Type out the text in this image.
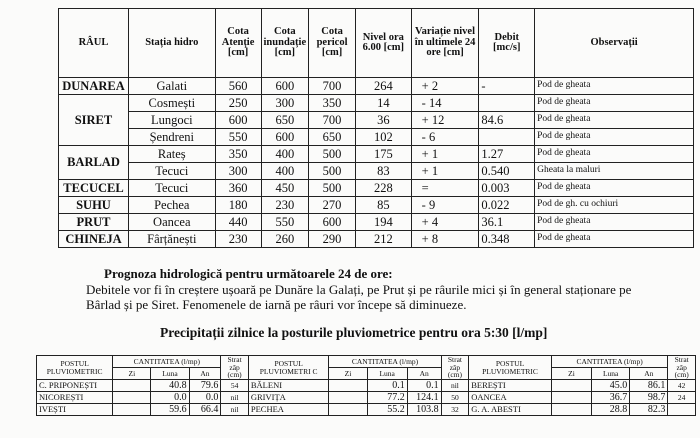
RÂUL	Stația hidro	Cota Atenție [cm]	Cota inundație [cm]	Cota pericol [cm]	Nivel ora 6.00 [cm]	Variație nivel în ultimele 24 ore [cm]	Debit [mc/s]	Observații
DUNAREA	Galati	560	600	700	264	+ 2	-	Pod de gheata
SIRET	Cosmești	250	300	350	14	- 14		Pod de gheata
	Lungoci	600	650	700	36	+ 12	84.6	Pod de gheata
	Șendreni	550	600	650	102	- 6		Pod de gheata
BARLAD	Rateș	350	400	500	175	+ 1	1.27	Pod de gheata
	Tecuci	300	400	500	83	+ 1	0.540	Gheata la maluri
TECUCEL	Tecuci	360	450	500	228	=	0.003	Pod de gheata
SUHU	Pechea	180	230	270	85	- 9	0.022	Pod de gh. cu ochiuri
PRUT	Oancea	440	550	600	194	+ 4	36.1	Pod de gheata
CHINEJA	Fârțănești	230	260	290	212	+ 8	0.348	Pod de gheata
Prognoza hidrologică pentru următoarele 24 de ore:
Debitele vor fi în creștere ușoară pe Dunăre la Galați, pe Prut și pe râurile mici și în general staționare pe Bârlad și pe Siret. Fenomenele de iarnă pe râuri vor începe să diminueze.
Precipitații zilnice la posturile pluviometrice pentru ora 5:30 [l/mp]
POSTUL PLUVIOMETRIC	CANTITATEA (l/mp)			Strat zăp (cm)	POSTUL PLUVIOMETRI C	CANTITATEA (l/mp)			Strat zăp (cm)	POSTUL PLUVIOMETRIC	CANTITATEA (l/mp)			Strat zăp (cm)
	Zi	Luna	An			Zi	Luna	An			Zi	Luna	An	
C. PRIPONEȘTI		40.8	79.6	54	BĂLENI		0.1	0.1	nil	BEREȘTI		45.0	86.1	42
NICOREȘTI		0.0	0.0	nil	GRIVIȚA		77.2	124.1	50	OANCEA		36.7	98.7	24
IVEȘTI		59.6	66.4	nil	PECHEA		55.2	103.8	32	G. A. ABESTI		28.8	82.3	
